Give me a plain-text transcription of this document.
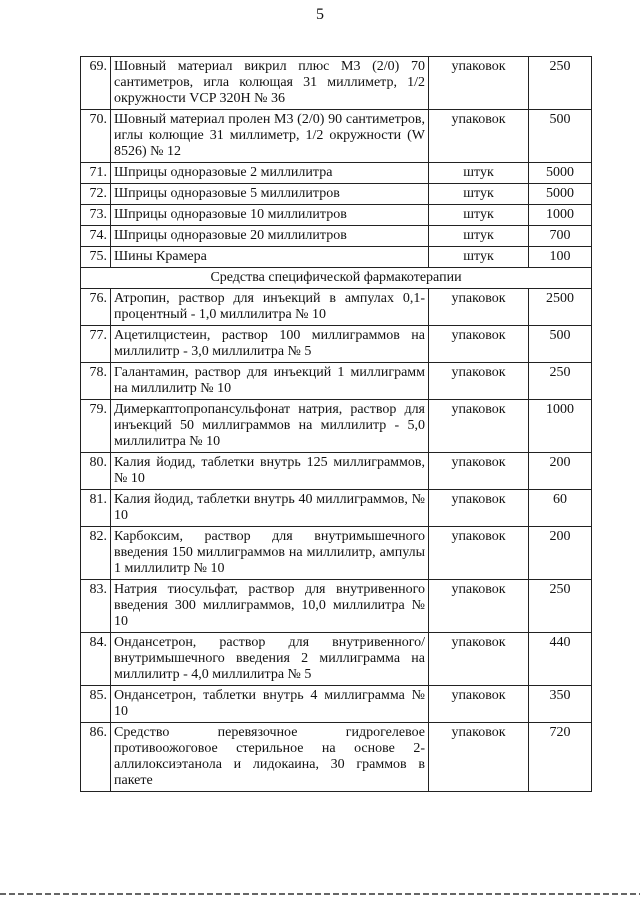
5
69.	Шовный материал викрил плюс М3 (2/0) 70 сантиметров, игла колющая 31 миллиметр, 1/2 окружности VCP 320H № 36	упаковок	250
70.	Шовный материал пролен М3 (2/0) 90 сантиметров, иглы колющие 31 миллиметр, 1/2 окружности (W 8526) № 12	упаковок	500
71.	Шприцы одноразовые 2 миллилитра	штук	5000
72.	Шприцы одноразовые 5 миллилитров	штук	5000
73.	Шприцы одноразовые 10 миллилитров	штук	1000
74.	Шприцы одноразовые 20 миллилитров	штук	700
75.	Шины Крамера	штук	100
Средства специфической фармакотерапии			
76.	Атропин, раствор для инъекций в ампулах 0,1-процентный - 1,0 миллилитра № 10	упаковок	2500
77.	Ацетилцистеин, раствор 100 миллиграммов на миллилитр - 3,0 миллилитра № 5	упаковок	500
78.	Галантамин, раствор для инъекций 1 миллиграмм на миллилитр № 10	упаковок	250
79.	Димеркаптопропансульфонат натрия, раствор для инъекций 50 миллиграммов на миллилитр - 5,0 миллилитра № 10	упаковок	1000
80.	Калия йодид, таблетки внутрь 125 миллиграммов, № 10	упаковок	200
81.	Калия йодид, таблетки внутрь 40 миллиграммов, № 10	упаковок	60
82.	Карбоксим, раствор для внутримышечного введения 150 миллиграммов на миллилитр, ампулы 1 миллилитр № 10	упаковок	200
83.	Натрия тиосульфат, раствор для внутривенного введения 300 миллиграммов, 10,0 миллилитра № 10	упаковок	250
84.	Ондансетрон, раствор для внутривенного/внутримышечного введения 2 миллиграмма на миллилитр - 4,0 миллилитра № 5	упаковок	440
85.	Ондансетрон, таблетки внутрь 4 миллиграмма № 10	упаковок	350
86.	Средство перевязочное гидрогелевое противоожоговое стерильное на основе 2-аллилоксиэтанола и лидокаина, 30 граммов в пакете	упаковок	720
